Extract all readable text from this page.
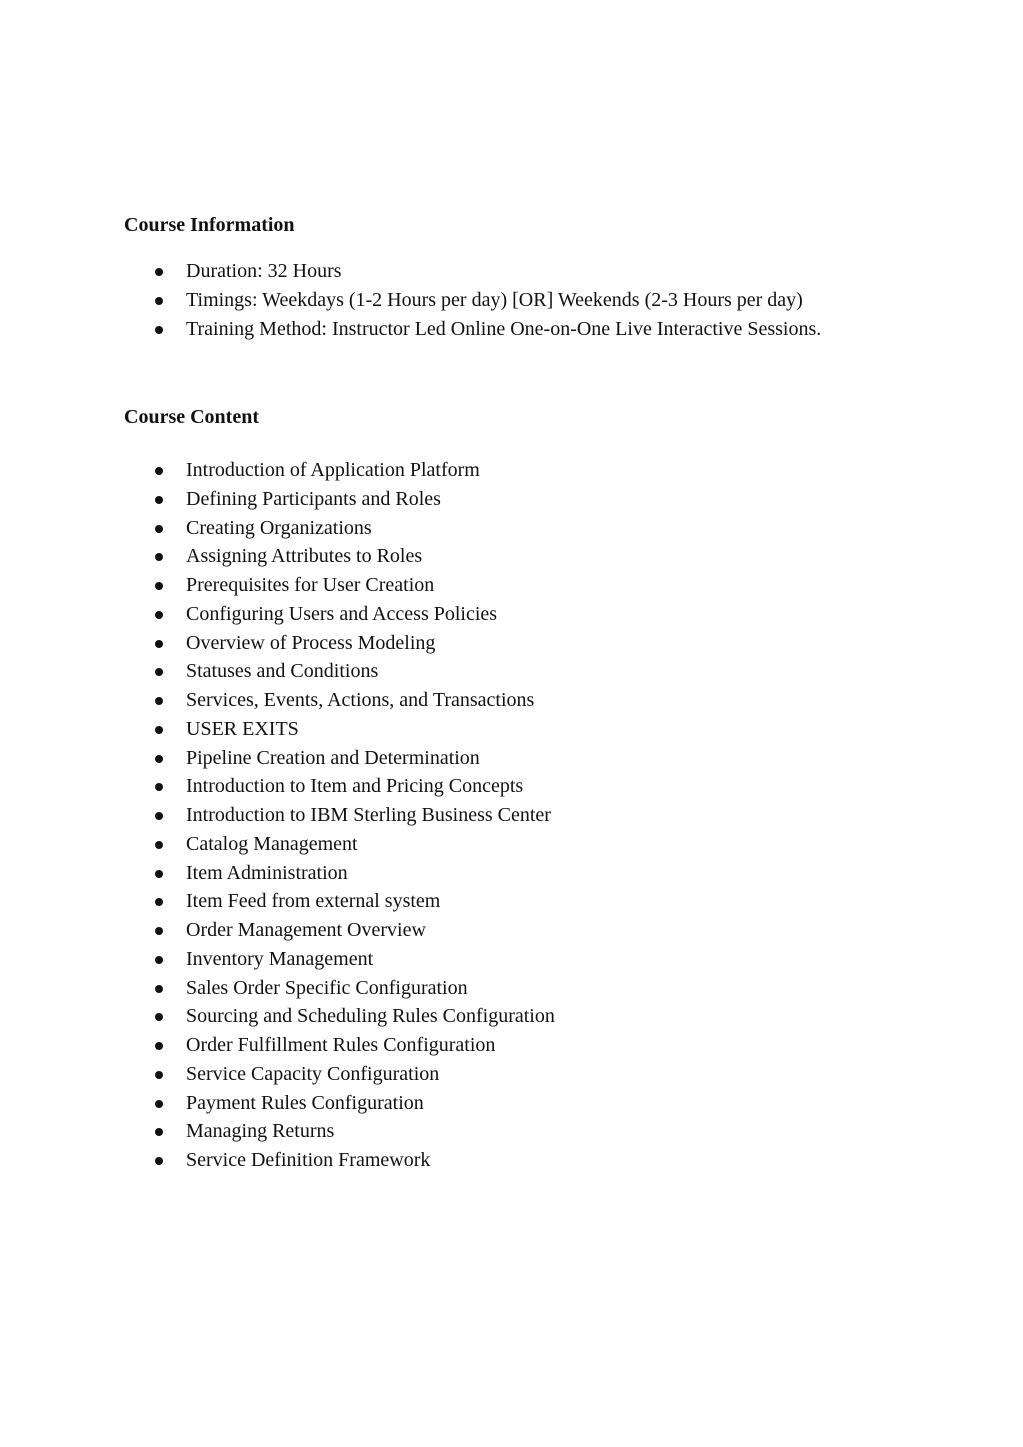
Course Information
Duration: 32 Hours
Timings: Weekdays (1-2 Hours per day) [OR] Weekends (2-3 Hours per day)
Training Method: Instructor Led Online One-on-One Live Interactive Sessions.
Course Content
Introduction of Application Platform
Defining Participants and Roles
Creating Organizations
Assigning Attributes to Roles
Prerequisites for User Creation
Configuring Users and Access Policies
Overview of Process Modeling
Statuses and Conditions
Services, Events, Actions, and Transactions
USER EXITS
Pipeline Creation and Determination
Introduction to Item and Pricing Concepts
Introduction to IBM Sterling Business Center
Catalog Management
Item Administration
Item Feed from external system
Order Management Overview
Inventory Management
Sales Order Specific Configuration
Sourcing and Scheduling Rules Configuration
Order Fulfillment Rules Configuration
Service Capacity Configuration
Payment Rules Configuration
Managing Returns
Service Definition Framework
